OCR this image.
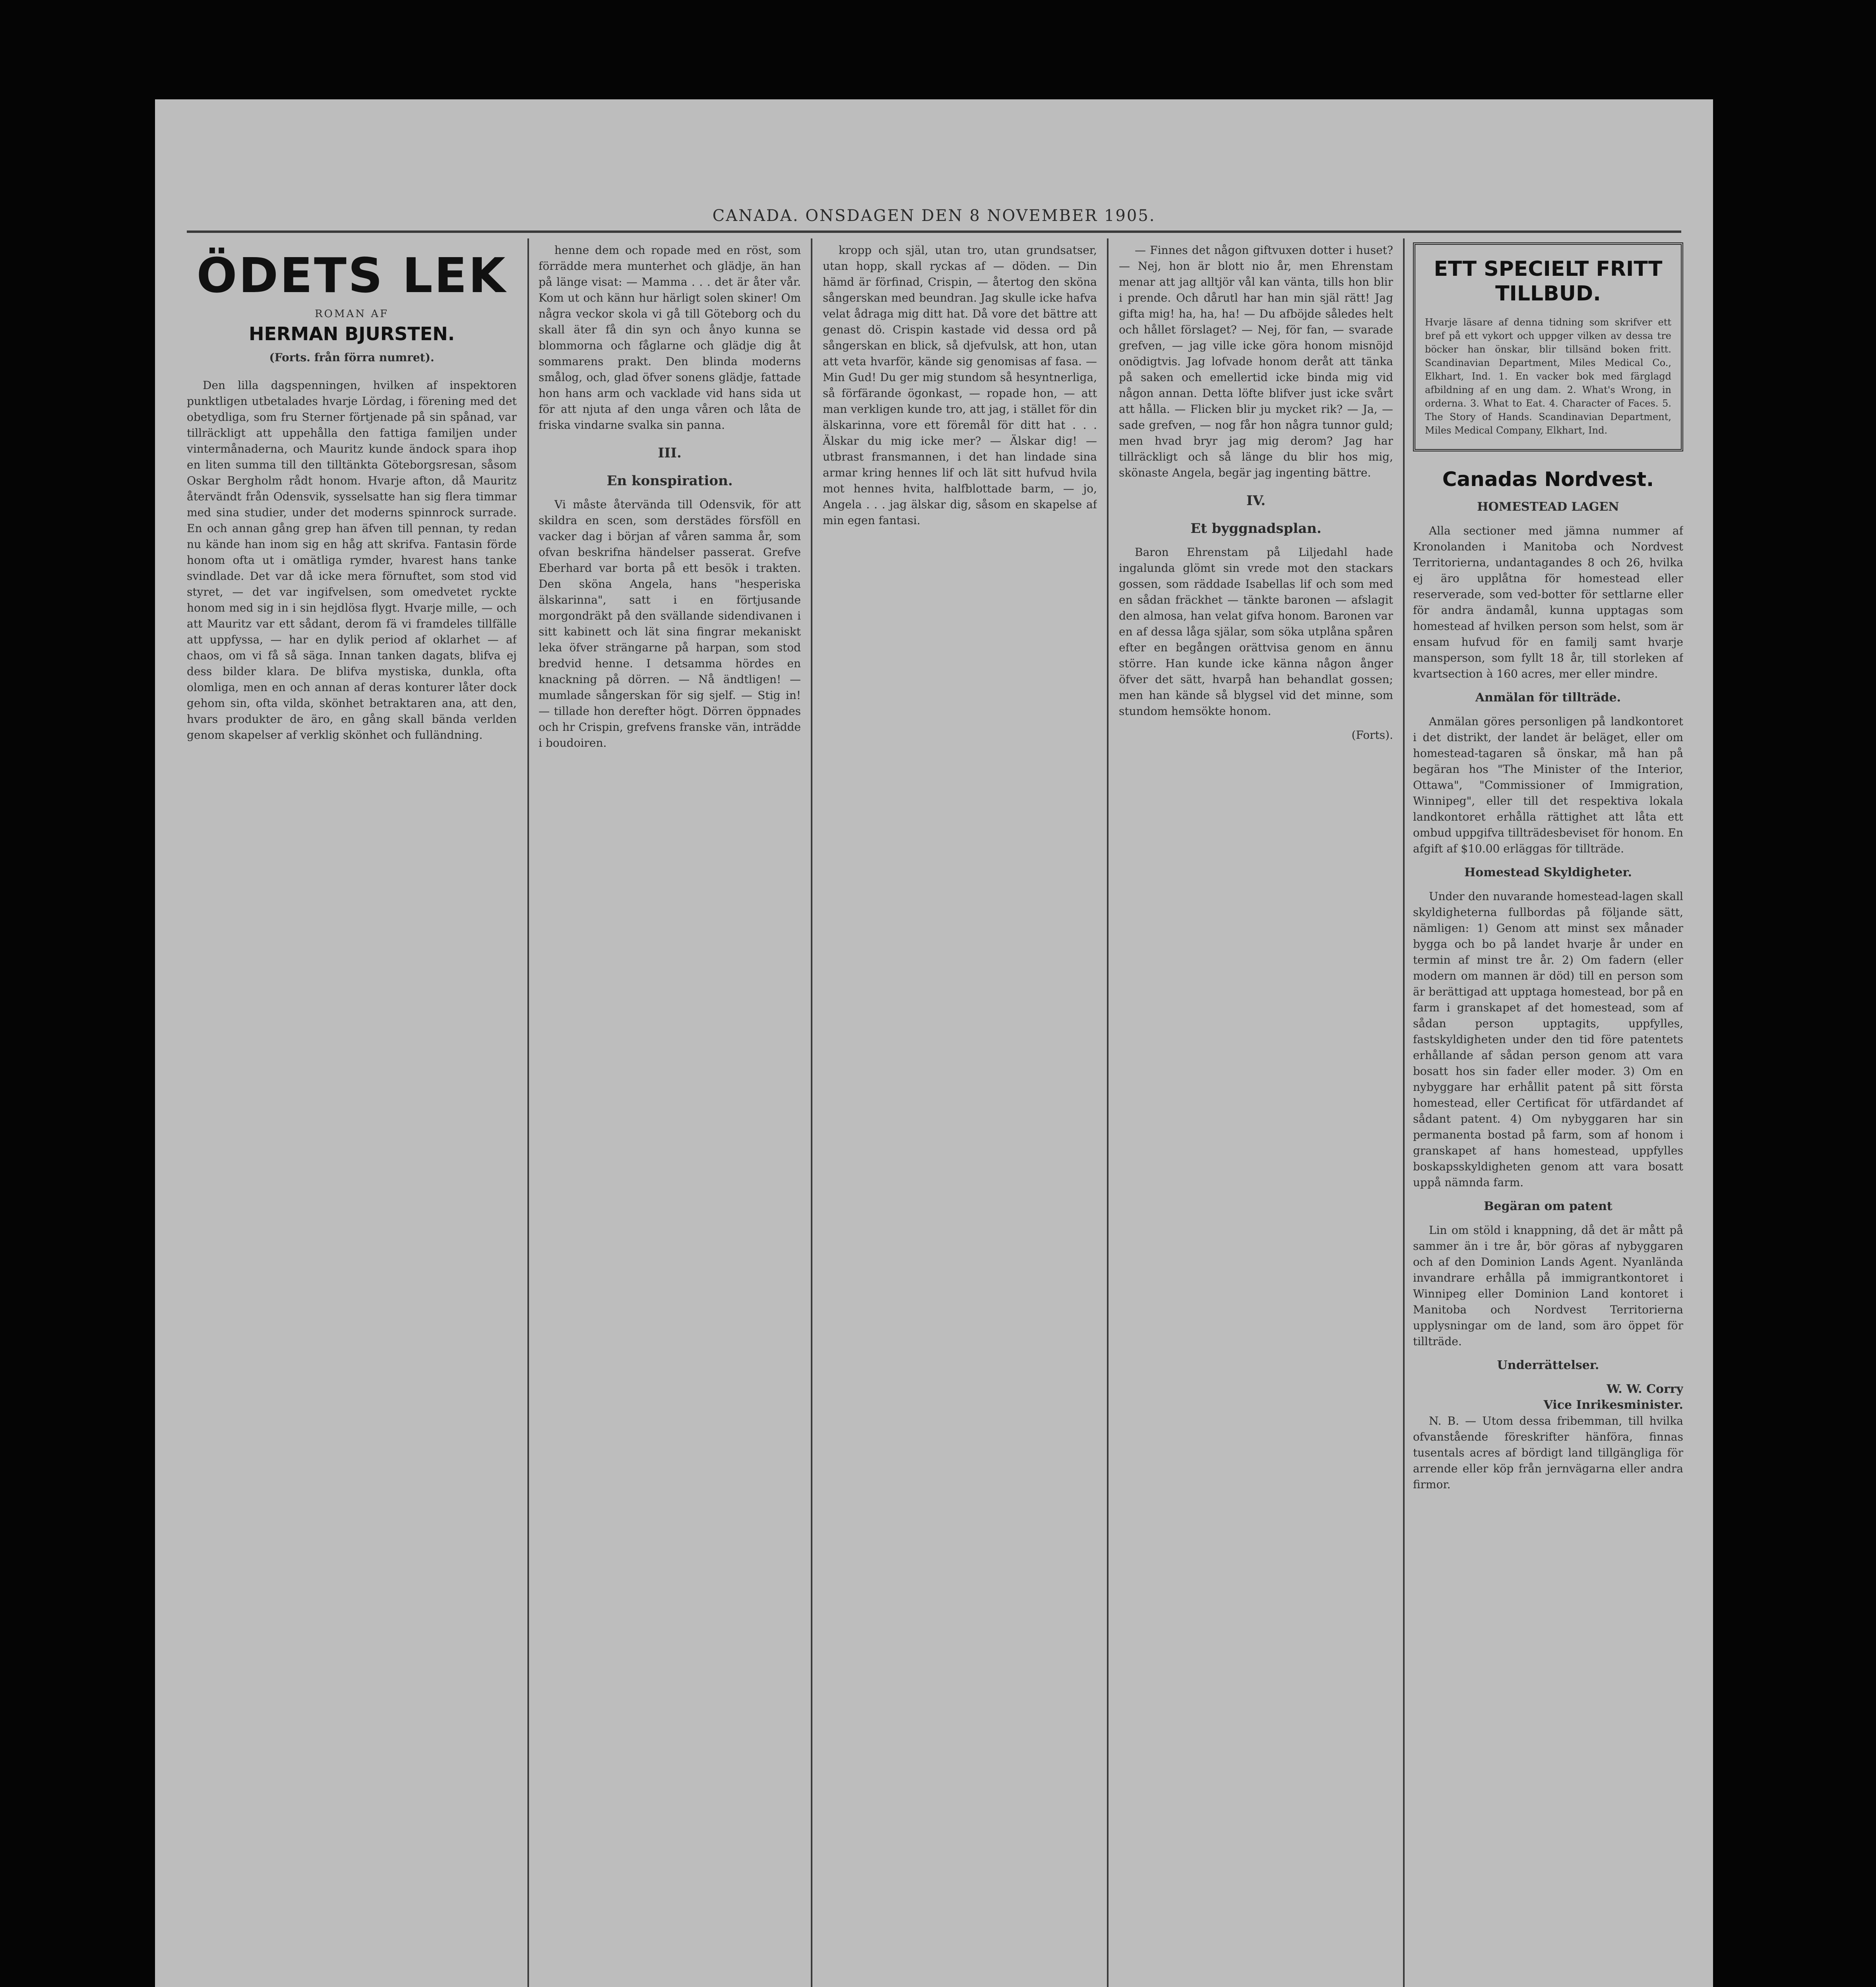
CANADA. ONSDAGEN DEN 8 NOVEMBER 1905.
ÖDETS LEK
ROMAN AF
HERMAN BJURSTEN.
(Forts. från förra numret).

Den lilla dagspenningen, hvilken af inspektoren punktligen utbetalades hvarje Lördag, i förening med det obetydliga, som fru Sterner förtjenade på sin spånad, var tillräckligt att uppehålla den fattiga familjen under vintermånaderna, och Mauritz kunde ändock spara ihop en liten summa till den tilltänkta Göteborgsresan, såsom Oskar Bergholm rådt honom. Hvarje afton, då Mauritz återvändt från Odensvik, sysselsatte han sig flera timmar med sina studier, under det moderns spinnrock surrade. En och annan gång grep han äfven till pennan, ty redan nu kände han inom sig en håg att skrifva. Fantasin förde honom ofta ut i omätliga rymder, hvarest hans tanke svindlade. Det var då icke mera förnuftet, som stod vid styret, — det var ingifvelsen, som omedvetet ryckte honom med sig in i sin hejdlösa flygt. Hvarje mille, — och att Mauritz var ett sådant, derom fä vi framdeles tillfälle att uppfyssa, — har en dylik period af oklarhet — af chaos, om vi få så säga. Innan tanken dagats, blifva ej dess bilder klara. De blifva mystiska, dunkla, ofta olomliga, men en och annan af deras konturer låter dock gehom sin, ofta vilda, skönhet betraktaren ana, att den, hvars produkter de äro, en gång skall bända verlden genom skapelser af verklig skönhet och fulländning.

henne dem och ropade med en röst, som förrädde mera munterhet och glädje, än han på länge visat: — Mamma . . . det är åter vår. Kom ut och känn hur härligt solen skiner! Om några veckor skola vi gå till Göteborg och du skall äter få din syn och ånyo kunna se blommorna och fåglarne och glädje dig åt sommarens prakt. Den blinda moderns smålog, och, glad öfver sonens glädje, fattade hon hans arm och vacklade vid hans sida ut för att njuta af den unga våren och låta de friska vindarne svalka sin panna.

III.
En konspiration.

Vi måste återvända till Odensvik, för att skildra en scen, som derstädes försföll en vacker dag i början af våren samma år, som ofvan beskrifna händelser passerat. Grefve Eberhard var borta på ett besök i trakten. Den sköna Angela, hans "hesperiska älskarinna", satt i en förtjusande morgondräkt på den svällande sidendivanen i sitt kabinett och lät sina fingrar mekaniskt leka öfver strängarne på harpan, som stod bredvid henne. I detsamma hördes en knackning på dörren. — Nå ändtligen! — mumlade sångerskan för sig sjelf. — Stig in! — tillade hon derefter högt. Dörren öppnades och hr Crispin, grefvens franske vän, inträdde i boudoiren.

kropp och själ, utan tro, utan grundsatser, utan hopp, skall ryckas af — döden. — Din hämd är förfinad, Crispin, — återtog den sköna sångerskan med beundran. Jag skulle icke hafva velat ådraga mig ditt hat. Då vore det bättre att genast dö. Crispin kastade vid dessa ord på sångerskan en blick, så djefvulsk, att hon, utan att veta hvarför, kände sig genomisas af fasa. — Min Gud! Du ger mig stundom så hesyntnerliga, så förfärande ögonkast, — ropade hon, — att man verkligen kunde tro, att jag, i stället för din älskarinna, vore ett föremål för ditt hat . . . Älskar du mig icke mer? — Älskar dig! — utbrast fransmannen, i det han lindade sina armar kring hennes lif och lät sitt hufvud hvila mot hennes hvita, halfblottade barm, — jo, Angela . . . jag älskar dig, såsom en skapelse af min egen fantasi.

— Finnes det någon giftvuxen dotter i huset? — Nej, hon är blott nio år, men Ehrenstam menar att jag alltjör vål kan vänta, tills hon blir i prende. Och dårutl har han min själ rätt! Jag gifta mig! ha, ha, ha! — Du afböjde således helt och hållet förslaget? — Nej, för fan, — svarade grefven, — jag ville icke göra honom misnöjd onödigtvis. Jag lofvade honom deråt att tänka på saken och emellertid icke binda mig vid någon annan. Detta löfte blifver just icke svårt att hålla. — Flicken blir ju mycket rik? — Ja, — sade grefven, — nog får hon några tunnor guld; men hvad bryr jag mig derom? Jag har tillräckligt och så länge du blir hos mig, skönaste Angela, begär jag ingenting bättre.

IV.
Et byggnadsplan.

Baron Ehrenstam på Liljedahl hade ingalunda glömt sin vrede mot den stackars gossen, som räddade Isabellas lif och som med en sådan fräckhet — tänkte baronen — afslagit den almosa, han velat gifva honom. Baronen var en af dessa låga själar, som söka utplåna spåren efter en begången orättvisa genom en ännu större. Han kunde icke känna någon ånger öfver det sätt, hvarpå han behandlat gossen; men han kände så blygsel vid det minne, som stundom hemsökte honom.

(Forts).
ETT SPECIELT FRITT TILLBUD.
Hvarje läsare af denna tidning som skrifver ett bref på ett vykort och uppger vilken av dessa tre böcker han önskar, blir tillsänd boken fritt. Scandinavian Department, Miles Medical Co., Elkhart, Ind. 1. En vacker bok med färglagd afbildning af en ung dam. 2. What's Wrong, in orderna. 3. What to Eat. 4. Character of Faces. 5. The Story of Hands. Scandinavian Department, Miles Medical Company, Elkhart, Ind.
Canadas Nordvest.
HOMESTEAD LAGEN

Alla sectioner med jämna nummer af Kronolanden i Manitoba och Nordvest Territorierna, undantagandes 8 och 26, hvilka ej äro upplåtna för homestead eller reserverade, som ved-botter för settlarne eller för andra ändamål, kunna upptagas som homestead af hvilken person som helst, som är ensam hufvud för en familj samt hvarje mansperson, som fyllt 18 år, till storleken af kvartsection à 160 acres, mer eller mindre.

Anmälan för tillträde.

Anmälan göres personligen på landkontoret i det distrikt, der landet är beläget, eller om homestead-tagaren så önskar, må han på begäran hos "The Minister of the Interior, Ottawa", "Commissioner of Immigration, Winnipeg", eller till det respektiva lokala landkontoret erhålla rättighet att låta ett ombud uppgifva tillträdesbeviset för honom. En afgift af $10.00 erläggas för tillträde.

Homestead Skyldigheter.

Under den nuvarande homestead-lagen skall skyldigheterna fullbordas på följande sätt, nämligen: 1) Genom att minst sex månader bygga och bo på landet hvarje år under en termin af minst tre år. 2) Om fadern (eller modern om mannen är död) till en person som är berättigad att upptaga homestead, bor på en farm i granskapet af det homestead, som af sådan person upptagits, uppfylles, fastskyldigheten under den tid före patentets erhållande af sådan person genom att vara bosatt hos sin fader eller moder. 3) Om en nybyggare har erhållit patent på sitt första homestead, eller Certificat för utfärdandet af sådant patent. 4) Om nybyggaren har sin permanenta bostad på farm, som af honom i granskapet af hans homestead, uppfylles boskapsskyldigheten genom att vara bosatt uppå nämnda farm.

Begäran om patent

Lin om stöld i knappning, då det är mått på sammer än i tre år, bör göras af nybyggaren och af den Dominion Lands Agent. Nyanlända invandrare erhålla på immigrantkontoret i Winnipeg eller Dominion Land kontoret i Manitoba och Nordvest Territorierna upplysningar om de land, som äro öppet för tillträde.

Underrättelser.
W. W. Corry
Vice Inrikesminister.

N. B. — Utom dessa fribemman, till hvilka ofvanstående föreskrifter hänföra, finnas tusentals acres af bördigt land tillgängliga för arrende eller köp från jernvägarna eller andra firmor.
